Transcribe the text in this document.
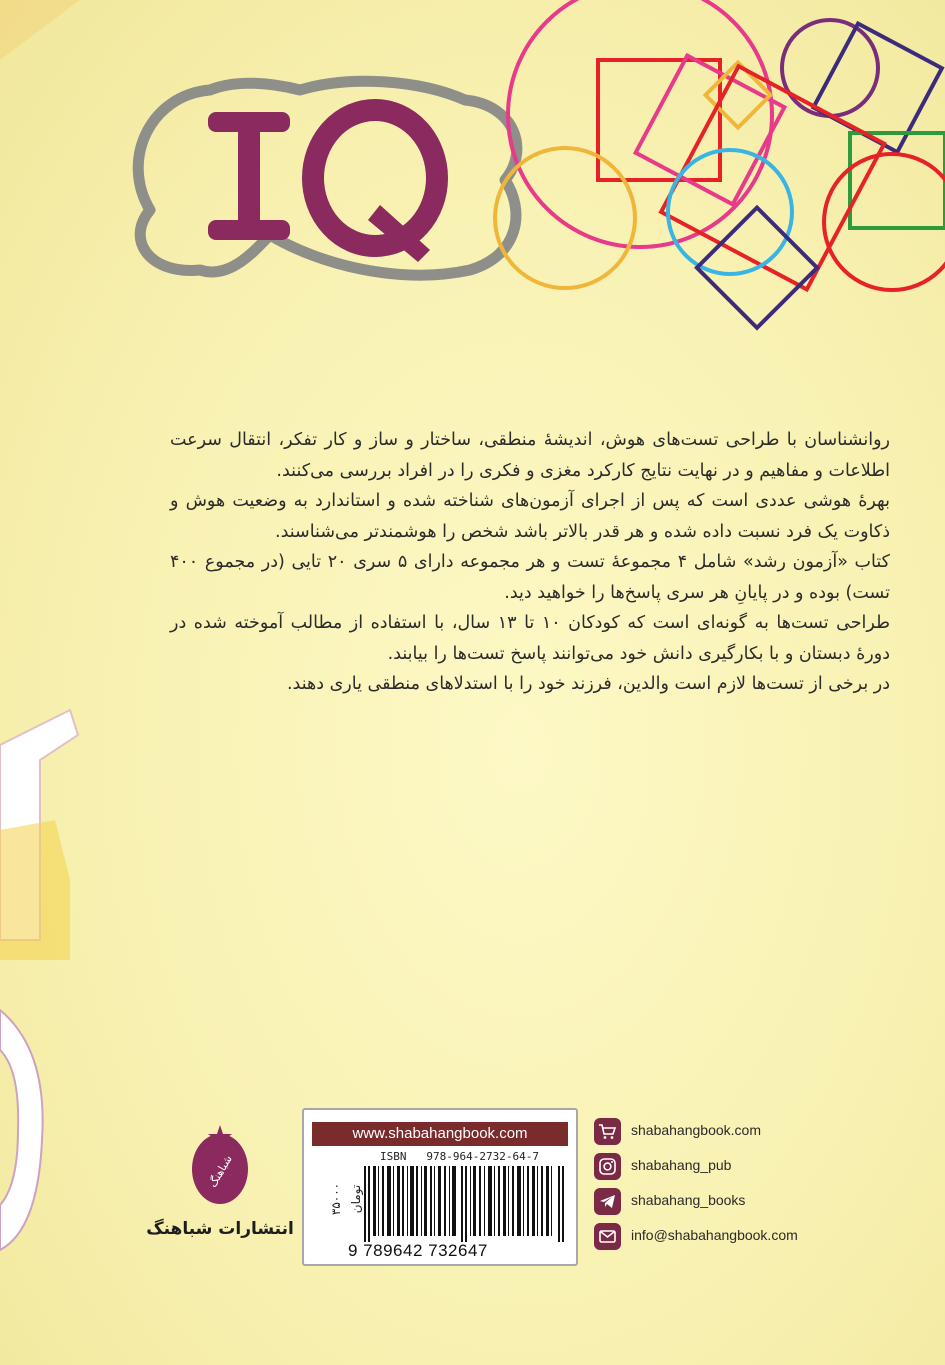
روانشناسان با طراحی تست‌های هوش، اندیشهٔ منطقی، ساختار و ساز و کار تفکر، انتقال سرعت اطلاعات و مفاهیم و در نهایت نتایج کارکرد مغزی و فکری را در افراد بررسی می‌کنند.

بهرهٔ هوشی عددی است که پس از اجرای آزمون‌های شناخته شده و استاندارد به وضعیت هوش و ذکاوت یک فرد نسبت داده شده و هر قدر بالاتر باشد شخص را هوشمندتر می‌شناسند.

کتاب «آزمون رشد» شامل ۴ مجموعهٔ تست و هر مجموعه دارای ۵ سری ۲۰ تایی (در مجموع ۴۰۰ تست) بوده و در پایانِ هر سری پاسخ‌ها را خواهید دید.

طراحی تست‌ها به گونه‌ای است که کودکان ۱۰ تا ۱۳ سال، با استفاده از مطالب آموخته شده در دورهٔ دبستان و با بکارگیری دانش خود می‌توانند پاسخ تست‌ها را بیابند.

در برخی از تست‌ها لازم است والدین، فرزند خود را با استدلاهای منطقی یاری دهند.

شباهنگ
انتشارات شباهنگ
www.shabahangbook.com
ISBN   978-964-2732-64-7
9 789642 732647
۳۵۰۰۰ تومان
shabahangbook.com
shabahang_pub
shabahang_books
info@shabahangbook.com
